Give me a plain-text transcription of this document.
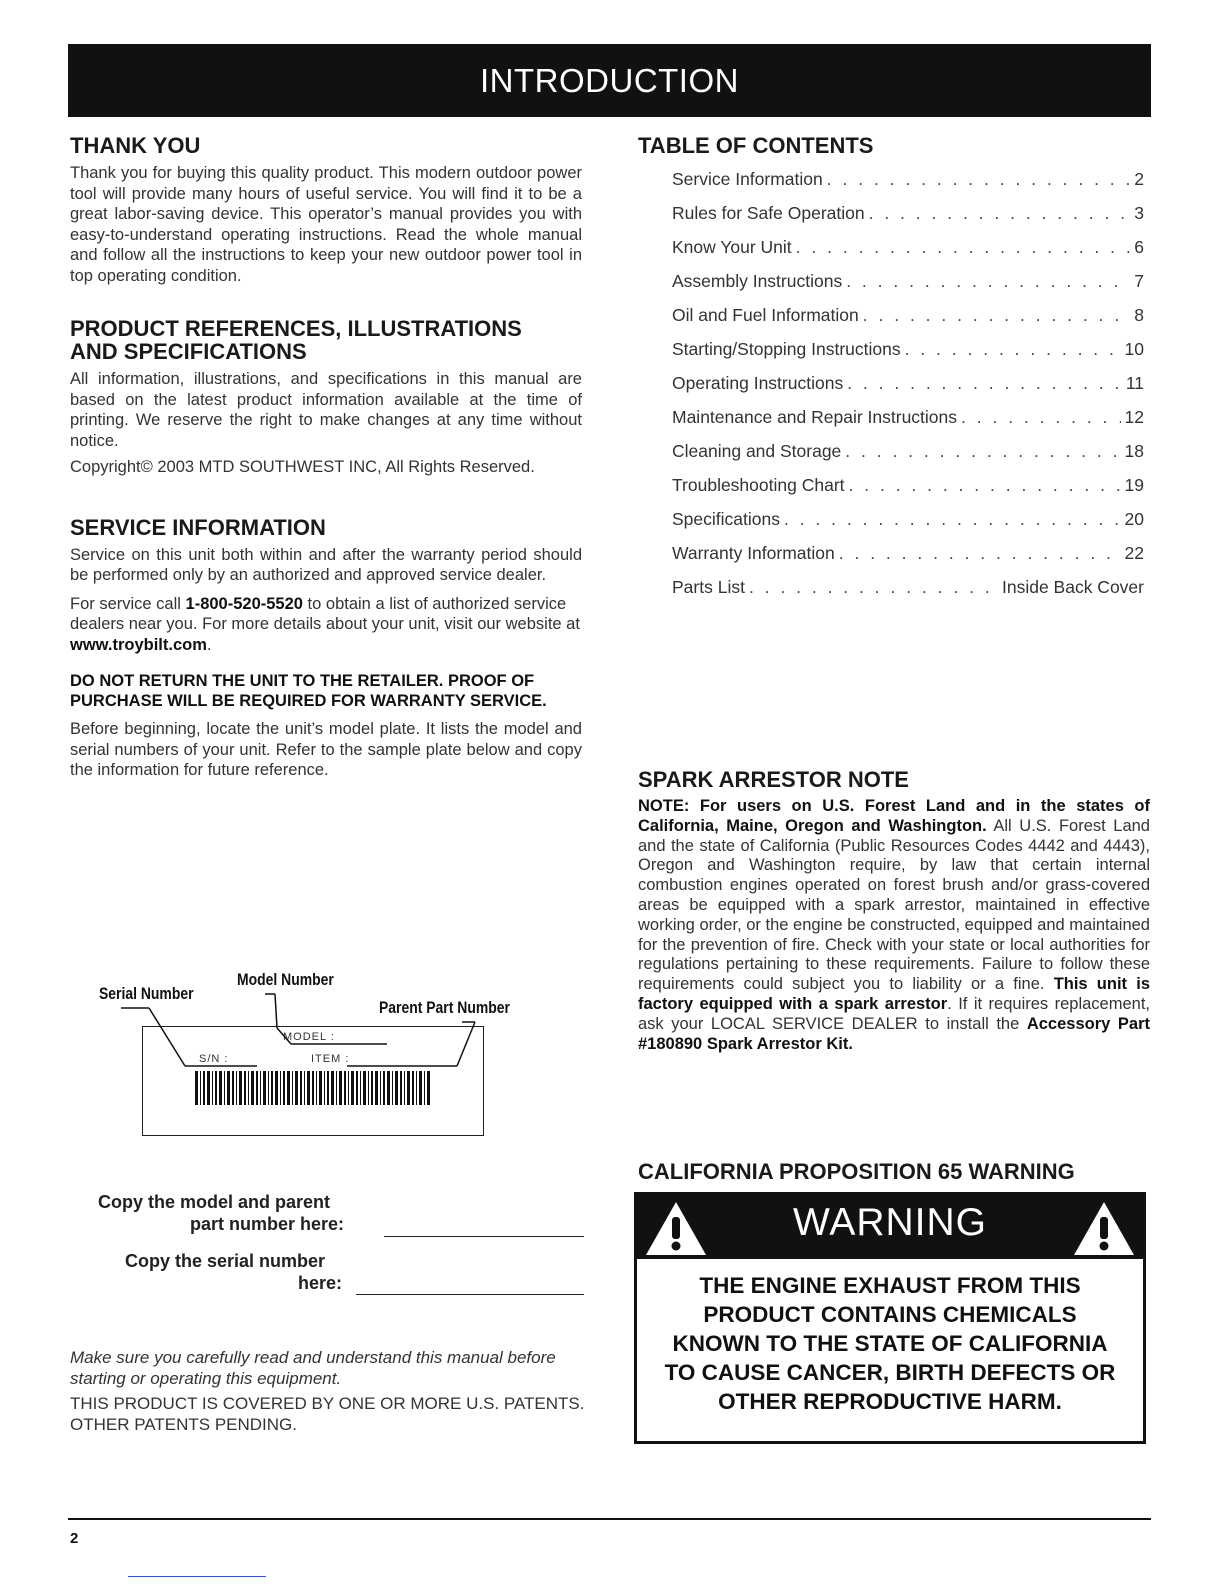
INTRODUCTION
THANK YOU

Thank you for buying this quality product. This modern outdoor power tool will provide many hours of useful service. You will find it to be a great labor-saving device. This operator’s manual provides you with easy-to-understand operating instructions. Read the whole manual and follow all the instructions to keep your new outdoor power tool in top operating condition.

PRODUCT REFERENCES, ILLUSTRATIONS AND SPECIFICATIONS

All information, illustrations, and specifications in this manual are based on the latest product information available at the time of printing. We reserve the right to make changes at any time without notice.

Copyright© 2003 MTD SOUTHWEST INC, All Rights Reserved.

SERVICE INFORMATION

Service on this unit both within and after the warranty period should be performed only by an authorized and approved service dealer.

For service call 1-800-520-5520 to obtain a list of authorized service dealers near you. For more details about your unit, visit our website at www.troybilt.com.

DO NOT RETURN THE UNIT TO THE RETAILER. PROOF OF PURCHASE WILL BE REQUIRED FOR WARRANTY SERVICE.

Before beginning, locate the unit’s model plate. It lists the model and serial numbers of your unit. Refer to the sample plate below and copy the information for future reference.

Serial Number
Model Number
Parent Part Number
MODEL :
S/N :	ITEM :
Copy the model and parent
part number here:
Copy the serial number
here:

Make sure you carefully read and understand this manual before starting or operating this equipment.

THIS PRODUCT IS COVERED BY ONE OR MORE U.S. PATENTS. OTHER PATENTS PENDING.

TABLE OF CONTENTS
Service Information . . .	2
Rules for Safe Operation . . .	3
Know Your Unit . . .	6
Assembly Instructions . . .	7
Oil and Fuel Information . . .	8
Starting/Stopping Instructions . . .	10
Operating Instructions . . .	11
Maintenance and Repair Instructions . . .	12
Cleaning and Storage . . .	18
Troubleshooting Chart . . .	19
Specifications . . .	20
Warranty Information . . .	22
Parts List . . .	Inside Back Cover
SPARK ARRESTOR NOTE

NOTE: For users on U.S. Forest Land and in the states of California, Maine, Oregon and Washington. All U.S. Forest Land and the state of California (Public Resources Codes 4442 and 4443), Oregon and Washington require, by law that certain internal combustion engines operated on forest brush and/or grass-covered areas be equipped with a spark arrestor, maintained in effective working order, or the engine be constructed, equipped and maintained for the prevention of fire. Check with your state or local authorities for regulations pertaining to these requirements. Failure to follow these requirements could subject you to liability or a fine. This unit is factory equipped with a spark arrestor. If it requires replacement, ask your LOCAL SERVICE DEALER to install the Accessory Part #180890 Spark Arrestor Kit.

CALIFORNIA PROPOSITION 65 WARNING
WARNING
THE ENGINE EXHAUST FROM THIS PRODUCT CONTAINS CHEMICALS KNOWN TO THE STATE OF CALIFORNIA TO CAUSE CANCER, BIRTH DEFECTS OR OTHER REPRODUCTIVE HARM.
2
